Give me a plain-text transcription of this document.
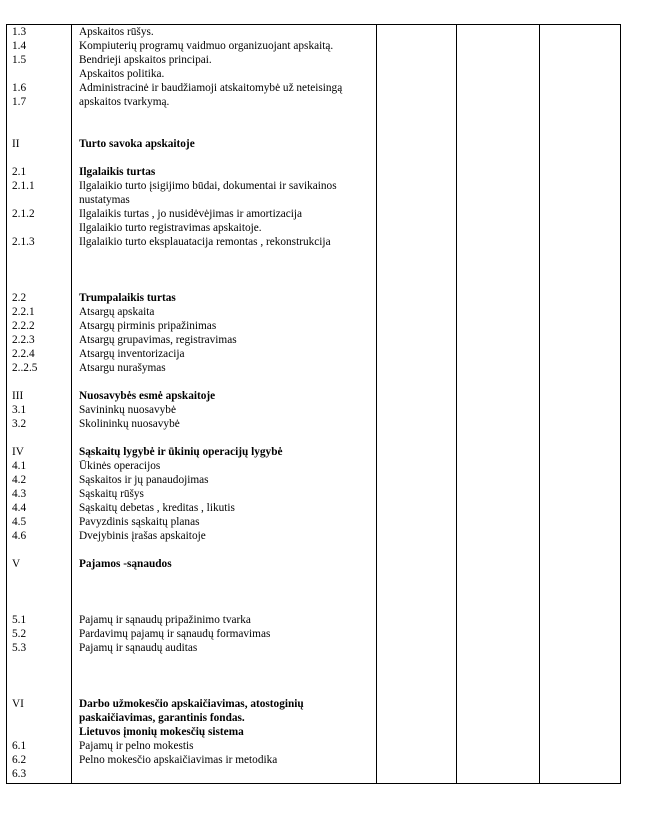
1.3
1.4
1.5
1.6
1.7
II
2.1
2.1.1
2.1.2
2.1.3
2.2
2.2.1
2.2.2
2.2.3
2.2.4
2..2.5
III
3.1
3.2
IV
4.1
4.2
4.3
4.4
4.5
4.6
V
5.1
5.2
5.3
VI
6.1
6.2
6.3
Apskaitos rūšys.
Kompiuterių programų vaidmuo organizuojant apskaitą.
Bendrieji apskaitos principai.
Apskaitos politika.
Administracinė ir baudžiamoji atskaitomybė už neteisingą
apskaitos tvarkymą.
Turto savoka apskaitoje
Ilgalaikis turtas
Ilgalaikio turto įsigijimo būdai, dokumentai ir savikainos
nustatymas
Ilgalaikis turtas , jo nusidėvėjimas ir amortizacija
Ilgalaikio turto registravimas apskaitoje.
Ilgalaikio turto eksplauatacija remontas , rekonstrukcija
Trumpalaikis turtas
Atsargų apskaita
Atsargų pirminis pripažinimas
Atsargų grupavimas, registravimas
Atsargų inventorizacija
Atsargu nurašymas
Nuosavybės esmė apskaitoje
Savininkų nuosavybė
Skolininkų nuosavybė
Sąskaitų lygybė ir ūkinių operacijų lygybė
Ūkinės operacijos
Sąskaitos ir jų panaudojimas
Sąskaitų rūšys
Sąskaitų debetas , kreditas , likutis
Pavyzdinis sąskaitų planas
Dvejybinis įrašas apskaitoje
Pajamos -sąnaudos
Pajamų ir sąnaudų pripažinimo tvarka
Pardavimų pajamų ir sąnaudų formavimas
Pajamų ir sąnaudų auditas
Darbo užmokesčio apskaičiavimas, atostoginių
paskaičiavimas, garantinis fondas.
Lietuvos įmonių mokesčių sistema
Pajamų ir pelno mokestis
Pelno mokesčio apskaičiavimas ir metodika
